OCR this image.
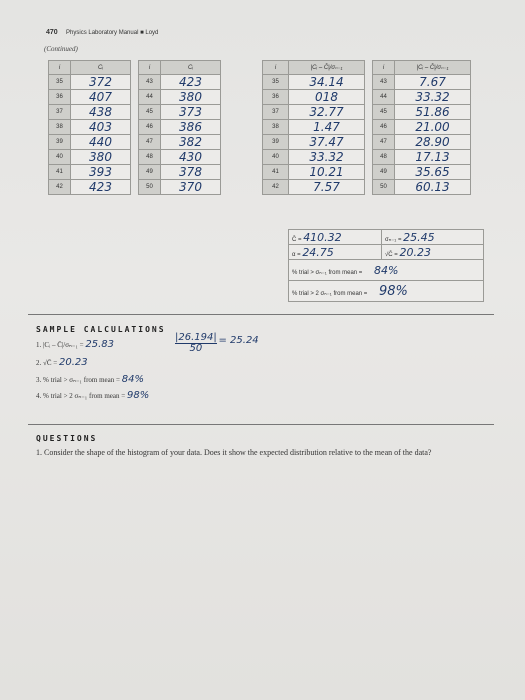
470 Physics Laboratory Manual ■ Loyd
(Continued)
i	Cᵢ		i	Cᵢ
35	372		43	423
36	407		44	380
37	438		45	373
38	403		46	386
39	440		47	382
40	380		48	430
41	393		49	378
42	423		50	370
i	|Cᵢ – C̄|/σₙ₋₁		i	|Cᵢ – C̄|/σₙ₋₁
35	34.14		43	7.67
36	018		44	33.32
37	32.77		45	51.86
38	1.47		46	21.00
39	37.47		47	28.90
40	33.32		48	17.13
41	10.21		49	35.65
42	7.57		50	60.13
C̄ = 410.32	σₙ₋₁ = 25.45
α = 24.75	√C̄ = 20.23
% trial > σₙ₋₁ from mean = 84%	
% trial > 2 σₙ₋₁ from mean = 98%	
SAMPLE CALCULATIONS
1. |Cᵢ – C̄|/σₙ₋₁ = 25.83	$\frac{|26.194|}{50} = 25.24$
2. √C̄ = 20.23
3. % trial > σₙ₋₁ from mean = 84%
4. % trial > 2 σₙ₋₁ from mean = 98%
QUESTIONS
1. Consider the shape of the histogram of your data. Does it show the expected distribution relative to the mean of the data?
